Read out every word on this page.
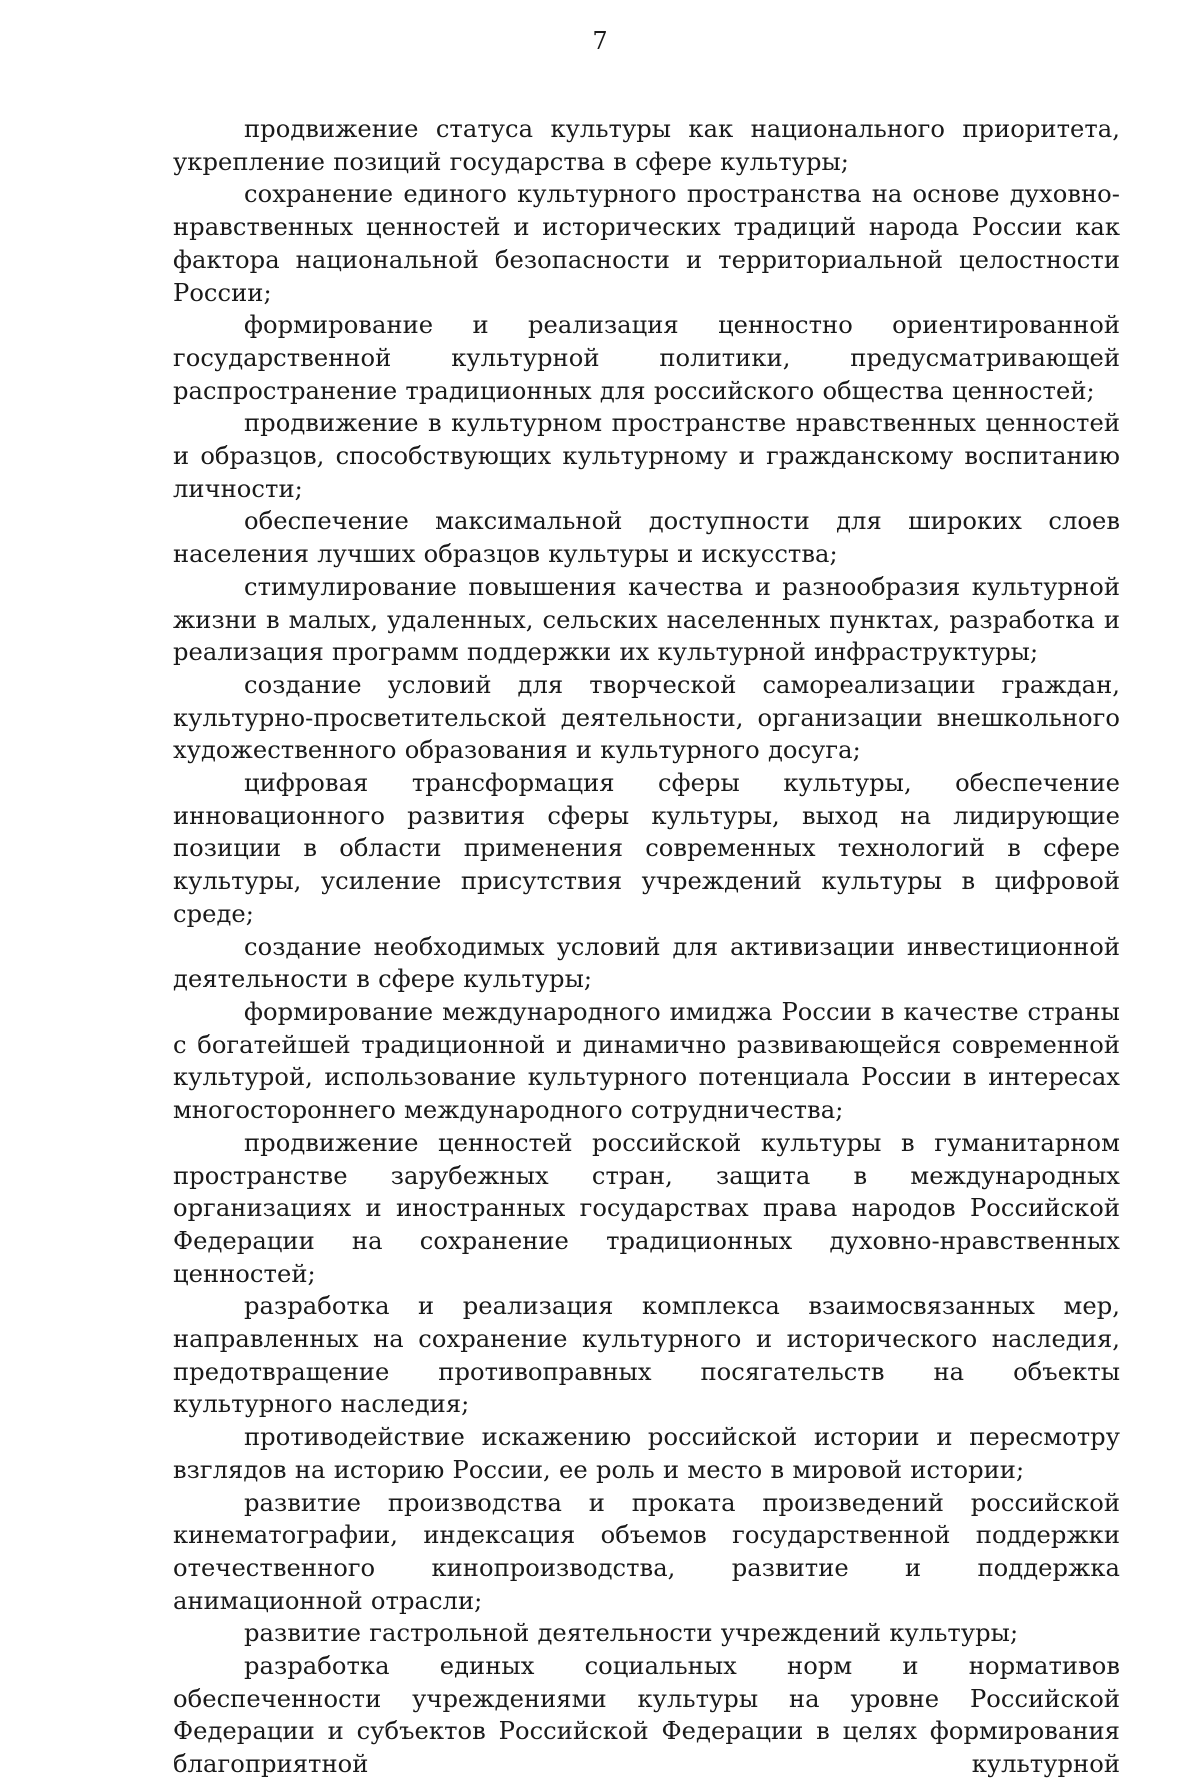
7

продвижение статуса культуры как национального приоритета, укрепление позиций государства в сфере культуры;

сохранение единого культурного пространства на основе духовно-нравственных ценностей и исторических традиций народа России как фактора национальной безопасности и территориальной целостности России;

формирование и реализация ценностно ориентированной государственной культурной политики, предусматривающей распространение традиционных для российского общества ценностей;

продвижение в культурном пространстве нравственных ценностей и образцов, способствующих культурному и гражданскому воспитанию личности;

обеспечение максимальной доступности для широких слоев населения лучших образцов культуры и искусства;

стимулирование повышения качества и разнообразия культурной жизни в малых, удаленных, сельских населенных пунктах, разработка и реализация программ поддержки их культурной инфраструктуры;

создание условий для творческой самореализации граждан, культурно-просветительской деятельности, организации внешкольного художественного образования и культурного досуга;

цифровая трансформация сферы культуры, обеспечение инновационного развития сферы культуры, выход на лидирующие позиции в области применения современных технологий в сфере культуры, усиление присутствия учреждений культуры в цифровой среде;

создание необходимых условий для активизации инвестиционной деятельности в сфере культуры;

формирование международного имиджа России в качестве страны с богатейшей традиционной и динамично развивающейся современной культурой, использование культурного потенциала России в интересах многостороннего международного сотрудничества;

продвижение ценностей российской культуры в гуманитарном пространстве зарубежных стран, защита в международных организациях и иностранных государствах права народов Российской Федерации на сохранение традиционных духовно-нравственных ценностей;

разработка и реализация комплекса взаимосвязанных мер, направленных на сохранение культурного и исторического наследия, предотвращение противоправных посягательств на объекты культурного наследия;

противодействие искажению российской истории и пересмотру взглядов на историю России, ее роль и место в мировой истории;

развитие производства и проката произведений российской кинематографии, индексация объемов государственной поддержки отечественного кинопроизводства, развитие и поддержка анимационной отрасли;

развитие гастрольной деятельности учреждений культуры;

разработка единых социальных норм и нормативов обеспеченности учреждениями культуры на уровне Российской Федерации и субъектов Российской Федерации в целях формирования благоприятной культурной
